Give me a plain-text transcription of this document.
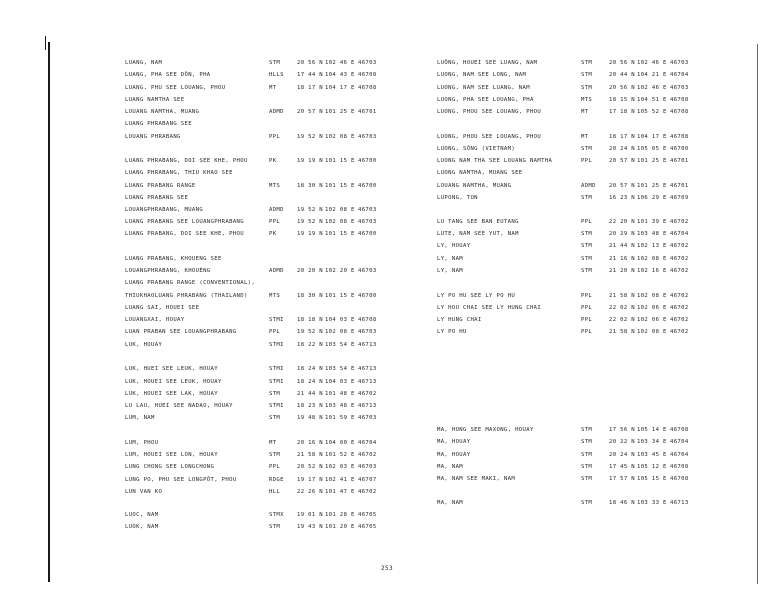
LUANG, NAM	STM	20 56 N 102 46 E 46703
LUANG, PHA SEE DÔN, PHA	HLLS 17 44 N 104 43 E 46708
LUANG, PHU SEE LOUANG, PHOU	MT	18 17 N 104 17 E 46708
LUANG NAMTHA SEE
LOUANG NAMTHA, MUANG	ADMD 20 57 N 101 25 E 46701
LUANG PHRABANG SEE
LOUANG PHRABANG	PPL	19 52 N 102 08 E 46703
LUANG PHRABANG, DOI SEE KHE, PHOU	PK	19 19 N 101 15 E 46700
LUANG PHRABANG, THIU KHAO SEE
LUANG PRABANG RANGE	MTS	18 30 N 101 15 E 46700
LUANG PRABANG SEE
LOUANGPHRABANG, MUANG	ADMD 19 52 N 102 08 E 46703
LUANG PRABANG SEE LOUANGPHRABANG	PPL	19 52 N 102 08 E 46703
LUANG PRABANG, DOI SEE KHE, PHOU	PK	19 19 N 101 15 E 46700
LUANG PRABANG, KHOUENG SEE
LOUANGPHRABANG, KHOUÈNG	ADMD 20 20 N 102 20 E 46703
LUANG PRABANG RANGE (CONVENTIONAL),
THIUKHAOLUANG PHRABANG (THAILAND)	MTS	18 30 N 101 15 E 46700
LUANG SAI, HOUEI SEE
LOUANGXAI, HOUAY	STMI 18 18 N 104 03 E 46708
LUAN PRABAN SEE LOUANGPHRABANG	PPL	19 52 N 102 08 E 46703
LUK, HOUAY	STMI 18 22 N 103 54 E 46713
LUK, HUEI SEE LEUK, HOUAY	STMI 18 24 N 103 54 E 46713
LUK, HOUEI SEE LEUK, HOUAY	STMI 18 24 N 104 03 E 46713
LUK, HOUEI SEE LAK, HOUAY	STM	21 44 N 101 48 E 46702
LU LAU, HUEI SEE NADAO, HOUAY	STMI 18 23 N 103 48 E 46713
LUM, NAM	STM	19 48 N 101 59 E 46703
LUM, PHOU	MT	20 16 N 104 00 E 46704
LUM, HOUEI SEE LON, HOUAY	STM	21 58 N 101 52 E 46702
LUNG CHONG SEE LONGCHONG	PPL	20 52 N 102 03 E 46703
LUNG PO, PHU SEE LONGPÔT, PHOU	RDGE 19 17 N 102 41 E 46707
LUN VAN KO	HLL	22 26 N 101 47 E 46702
LUOC, NAM	STMX 19 01 N 101 28 E 46705
LUOK, NAM	STM	19 43 N 101 20 E 46705
LUÔNG, HOUEI SEE LUANG, NAM	STM	20 56 N 102 46 E 46703
LUONG, NAM SEE LONG, NAM	STM	20 44 N 104 21 E 46704
LUONG, NAM SEE LUANG, NAM	STM	20 56 N 102 46 E 46703
LUONG, PHA SEE LOUANG, PHA	MTS	18 15 N 104 51 E 46708
LUONG, PHOU SEE LOUANG, PHOU	MT	17 18 N 105 52 E 46708
LUONG, PHOU SEE LOUANG, PHOU	MT	18 17 N 104 17 E 46708
LUONG, SÔNG (VIETNAM)	STM	20 24 N 105 05 E 46700
LUONG NAM THA SEE LOUANG NAMTHA	PPL	20 57 N 101 25 E 46701
LUONG NAMTHA, MUANG SEE
LOUANG NAMTHA, MUANG	ADMD 20 57 N 101 25 E 46701
LUPONG, TON	STM	16 23 N 106 29 E 46709
LU TANG SEE BAN EUTANG	PPL	22 20 N 101 39 E 46702
LUTE, NAM SEE YUT, NAM	STM	20 29 N 103 48 E 46704
LY, HOUAY	STM	21 44 N 102 13 E 46702
LY, NAM	STM	21 16 N 102 08 E 46702
LY, NAM	STM	21 20 N 102 16 E 46702
LY PO HU SEE LY PO HU	PPL	21 58 N 102 08 E 46702
LY HOU CHAI SEE LY HUNG CHAI	PPL	22 02 N 102 06 E 46702
LY HUNG CHAI	PPL	22 02 N 102 06 E 46702
LY PO HU	PPL	21 58 N 102 08 E 46702
MA, HONG SEE MAXONG, HOUAY	STM	17 56 N 105 14 E 46708
MA, HOUAY	STM	20 22 N 103 34 E 46704
MA, HOUAY	STM	20 24 N 103 45 E 46704
MA, NAM	STM	17 45 N 105 12 E 46708
MA, NAM SEE MAKI, NAM	STM	17 57 N 105 15 E 46708
MA, NAM	STM	18 46 N 103 33 E 46713
253
